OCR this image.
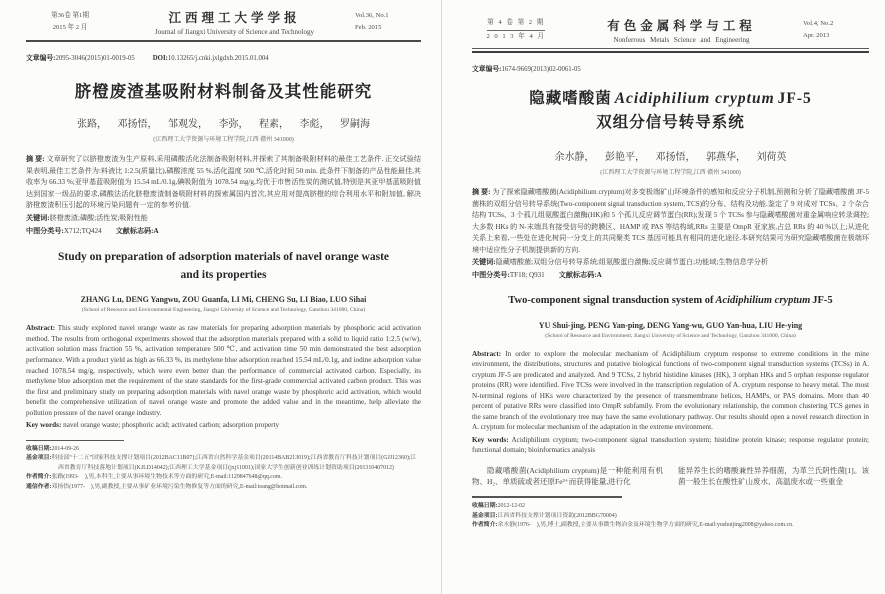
第36卷 第1期
2015 年 2 月
江西理工大学学报
Journal of Jiangxi University of Science and Technology
Vol.36, No.1
Feb. 2015
文章编号:2095-3046(2015)01-0019-05	DOI:10.13265/j.cnki.jxlgdxb.2015.01.004
脐橙废渣基吸附材料制备及其性能研究
张路， 邓扬悟， 邹观发， 李弥， 程素， 李彪， 罗嗣海
(江西理工大学资源与环境工程学院,江西 赣州 341000)
摘 要: 文章研究了以脐橙废渣为生产原料,采用磷酸活化法制备吸附材料,并探索了其制备吸附材料的最佳工艺条件. 正交试验结果表明,最佳工艺条件为:料液比 1:2.5(质量比),磷酸浓度 55 %,活化温度 500 ℃,活化时间 50 min. 此条件下制备的产品性能最佳,其收率为 66.33 %;亚甲基蓝吸附值为 15.54 mL/0.1g,碘吸附值为 1078.54 mg/g,均优于市售活性炭的测试值,特别是其亚甲基蓝吸附值达到国家一级品的要求,磷酸法活化脐橙废渣制备吸附材料的探索属国内首次,其应用对提高脐橙的综合利用水平和附加值, 解决脐橙废渣积压引起的环境污染问题有一定的参考价值.
关键词:脐橙废渣;磷酸;活性炭;吸附性能
中图分类号:X712;TQ424 文献标志码:A
Study on preparation of adsorption materials of navel orange waste
and its properties
ZHANG Lu, DENG Yangwu, ZOU Guanfa, LI Mi, CHENG Su, LI Biao, LUO Sihai
(School of Resource and Environmental Engineering, Jiangxi University of Science and Technology, Ganzhou 341000, China)
Abstract: This study explored navel orange waste as raw materials for preparing adsorption materials by phosphoric acid activation method. The results from orthogonal experiments showed that the adsorption materials prepared with a solid to liquid ratio 1:2.5 (w/w), activation solution mass fraction 55 %, activation temperature 500 ℃, and activation time 50 min demonstrated the best adsorption performance. With a product yield as high as 66.33 %, its methylene blue adsorption reached 15.54 mL/0.1g, and iodine adsorption value reached 1078.54 mg/g, respectively, which were even better than the performance of commercial activated carbon. Especially, its methylene blue adsorption met the requirement of the state standards for the first-grade commercial activated carbon product. This was the first and preliminary study on preparing adsorption materials with navel orange waste by phosphoric acid activation, which would benefit the comprehensive utilization of navel orange waste and promote the added value and in the meantime, help alleviate the pollution pressure of the navel orange industry.
Key words: navel orange waste; phosphoric acid; activated carbon; adsorption property
收稿日期:2014-09-26
基金项目:科技部“十二五”国家科技支撑计划项目(2012BAC11B07);江西省自然科学基金项目(20114BAB213019);江西省教育厅科技计划项目(GJJ12360);江西省教育厅科技落地计划项目(KJLD14042);江西理工大学基金项目(jxj11001);国家大学生创新创业训练计划资助项目(201310407012)
作者简介:张路(1993-　),男,本科生,主要从事环境生物技术等方面的研究,E-mail:1129847648@qq.com.
通信作者:邓扬悟(1977-　),男,副教授,主要从事矿业环境污染生物修复等方面的研究,E-mail:toang@hotmail.com.
第 4 卷 第 2 期
2 0 1 3 年 4 月
有色金属科学与工程
Nonferrous Metals Science and Engineering
Vol.4, No.2
Apr. 2013
文章编号:1674-9669(2013)02-0061-05
隐藏嗜酸菌 Acidiphilium cryptum JF-5
双组分信号转导系统
余水静， 彭艳平， 邓扬悟， 郭燕华， 刘荷英
(江西理工大学资源与环境工程学院,江西 赣州 341000)
摘 要: 为了探索隐藏嗜酸菌(Acidiphilium cryptum)对多变极端矿山环境条件的感知和反应分子机制,预测和分析了隐藏嗜酸菌 JF-5 菌株的双组分信号转导系统(Two-component signal transduction system, TCS)的分布、结构及功能.鉴定了 9 对成对 TCSs、2 个杂合结构 TCSs、3 个孤儿组氨酸蛋白激酶(HK)和 5 个孤儿反应调节蛋白(RR);发现 5 个 TCSs 参与隐藏嗜酸菌对重金属响应转录调控;大多数 HKs 的 N-末端具有接受信号的跨膜区、HAMP 或 PAS 等结构域,RRs 主要是 OmpR 亚家族,占总 RRs 的 40 %以上;从进化关系上来看,一些处在进化树同一分支上的共同聚类 TCS 基因可能具有相同的进化途径.本研究结果可为研究隐藏嗜酸菌在极端环境中适应性分子机制提供新的方向.
关键词:隐藏嗜酸菌;双组分信号转导系统;组氨酸蛋白激酶;反应调节蛋白;功能域;生物信息学分析
中图分类号:TF18; Q931 文献标志码:A
Two-component signal transduction system of Acidiphilium cryptum JF-5
YU Shui-jing, PENG Yan-ping, DENG Yang-wu, GUO Yan-hua, LIU He-ying
(School of Resource and Environment, Jiangxi University of Science and Technology, Ganzhou 341000, China)
Abstract: In order to explore the molecular mechanism of Acidiphilium cryptum response to extreme conditions in the mine environment, the distributions, structures and putative biological functions of two-component signal transduction systems (TCSs) in A. cryptum JF-5 are predicated and analyzed. And 9 TCSs, 2 hybrid histidine kinases (HK), 3 orphan HKs and 5 orphan response regulator proteins (RR) were identified. Five TCSs were involved in the transcription regulation of A. cryptum response to heavy metal. The most N-terminal regions of HKs were characterized by the presence of transmembrane helices, HAMPs, or PAS domains. More than 40 percent of putative RRs were classified into OmpR subfamily. From the evolutionary relationship, the common clustering TCS genes in the same branch of the evolutionary tree may have the same evolutionary pathway. Our results should open a novel research direction in A. cryptum for molecular mechanism of the adaptation in the extreme environment.
Key words: Acidiphilium cryptum; two-component signal transduction system; histidine protein kinase; response regulator protein; functional domain; bioinformatics analysis
隐藏嗜酸菌(Acidiphilium cryptum)是一种能利用有机物、H₂、单质硫或者还原Fe³⁺而获得能量,进行化
能异养生长的嗜酸兼性异养细菌，为革兰氏阴性菌[1]。该菌一般生长在酸性矿山废水、高温废水或一些重金
收稿日期:2012-12-02
基金项目:江西省科技支撑计划项目资助(2012BBG70004)
作者简介:余水静(1976-　),男,博士,副教授,主要从事微生物冶金及环境生物学方面的研究,E-mail:yushuijing2008@yahoo.com.cn.
